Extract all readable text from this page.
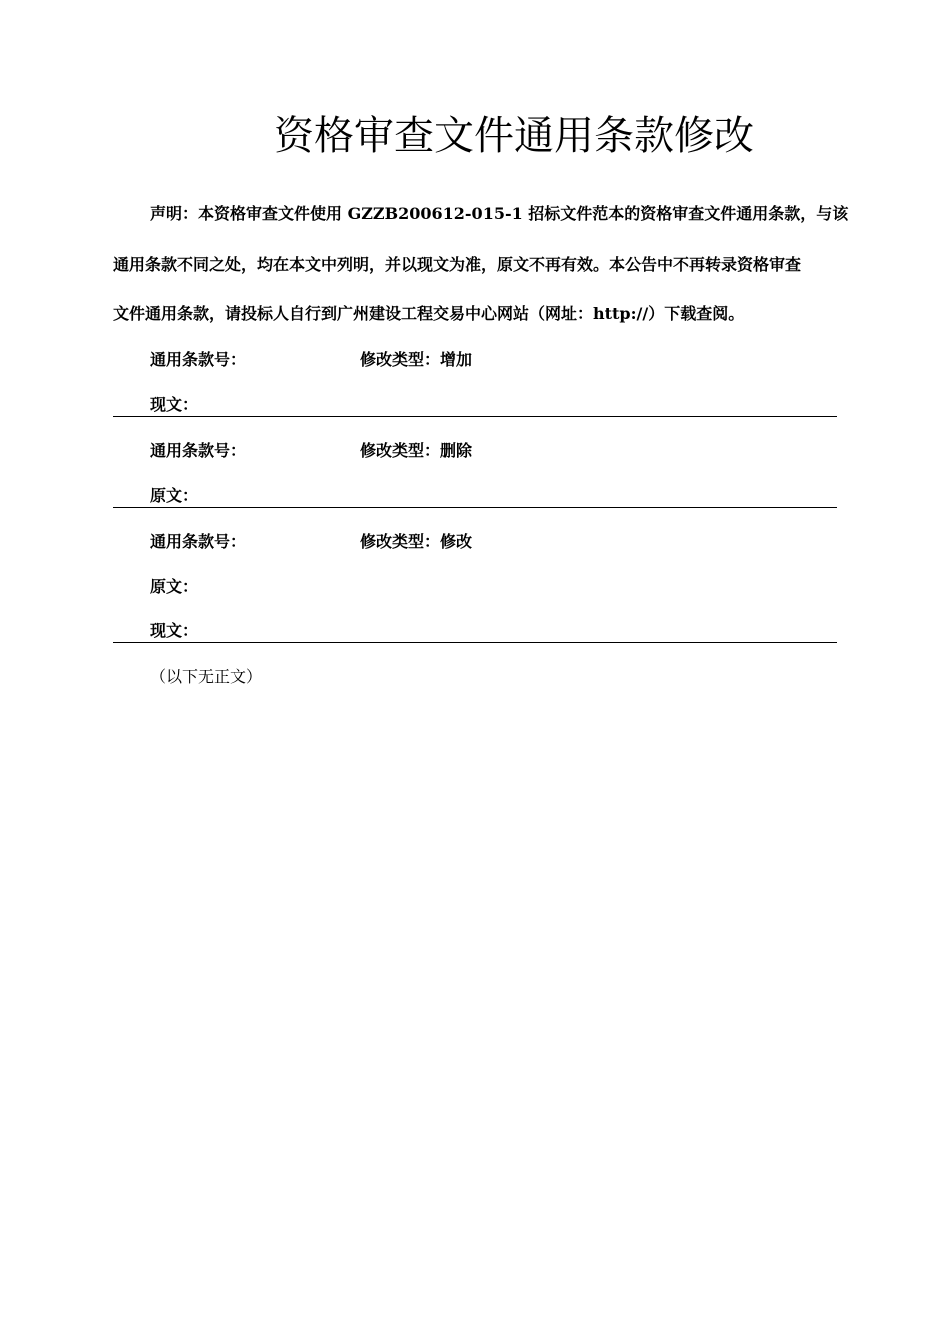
资格审查文件通用条款修改
声明：本资格审查文件使用 GZZB200612-015-1 招标文件范本的资格审查文件通用条款，与该
通用条款不同之处，均在本文中列明，并以现文为准，原文不再有效。本公告中不再转录资格审查
文件通用条款，请投标人自行到广州建设工程交易中心网站（网址：http://）下载查阅。
通用条款号：	修改类型：增加
现文：
通用条款号：	修改类型：删除
原文：
通用条款号：	修改类型：修改
原文：
现文：
（以下无正文）
